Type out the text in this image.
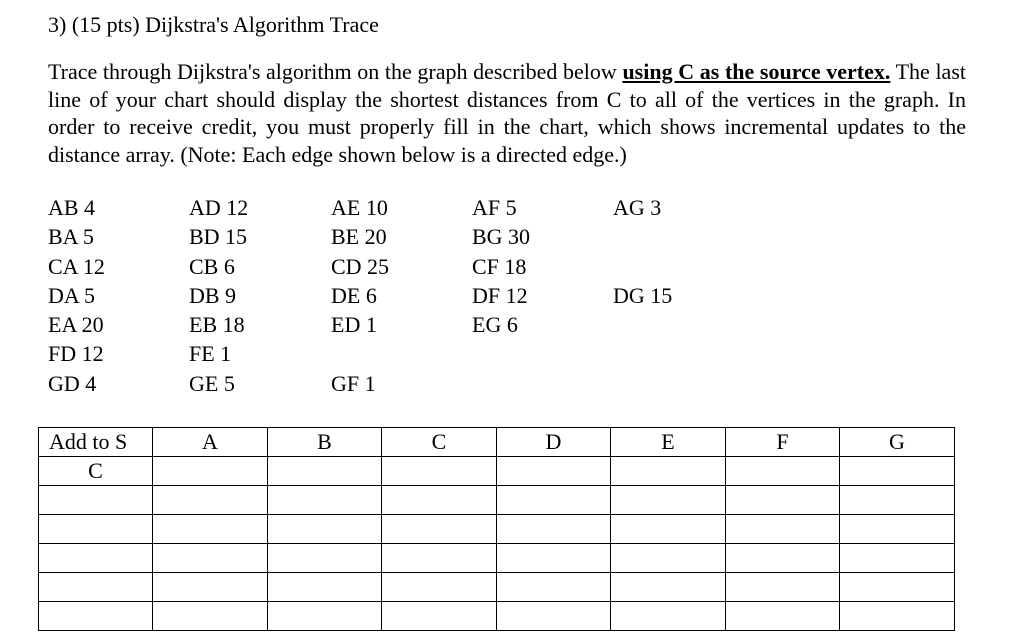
3) (15 pts) Dijkstra's Algorithm Trace
Trace through Dijkstra's algorithm on the graph described below using C as the source vertex. The last line of your chart should display the shortest distances from C to all of the vertices in the graph. In order to receive credit, you must properly fill in the chart, which shows incremental updates to the distance array. (Note: Each edge shown below is a directed edge.)
AB 4	AD 12	AE 10	AF 5	AG 3
BA 5	BD 15	BE 20	BG 30
CA 12	CB 6	CD 25	CF 18
DA 5	DB 9	DE 6	DF 12	DG 15
EA 20	EB 18	ED 1	EG 6
FD 12	FE 1
GD 4	GE 5	GF 1
Add to S	A	B	C	D	E	F	G
C							
